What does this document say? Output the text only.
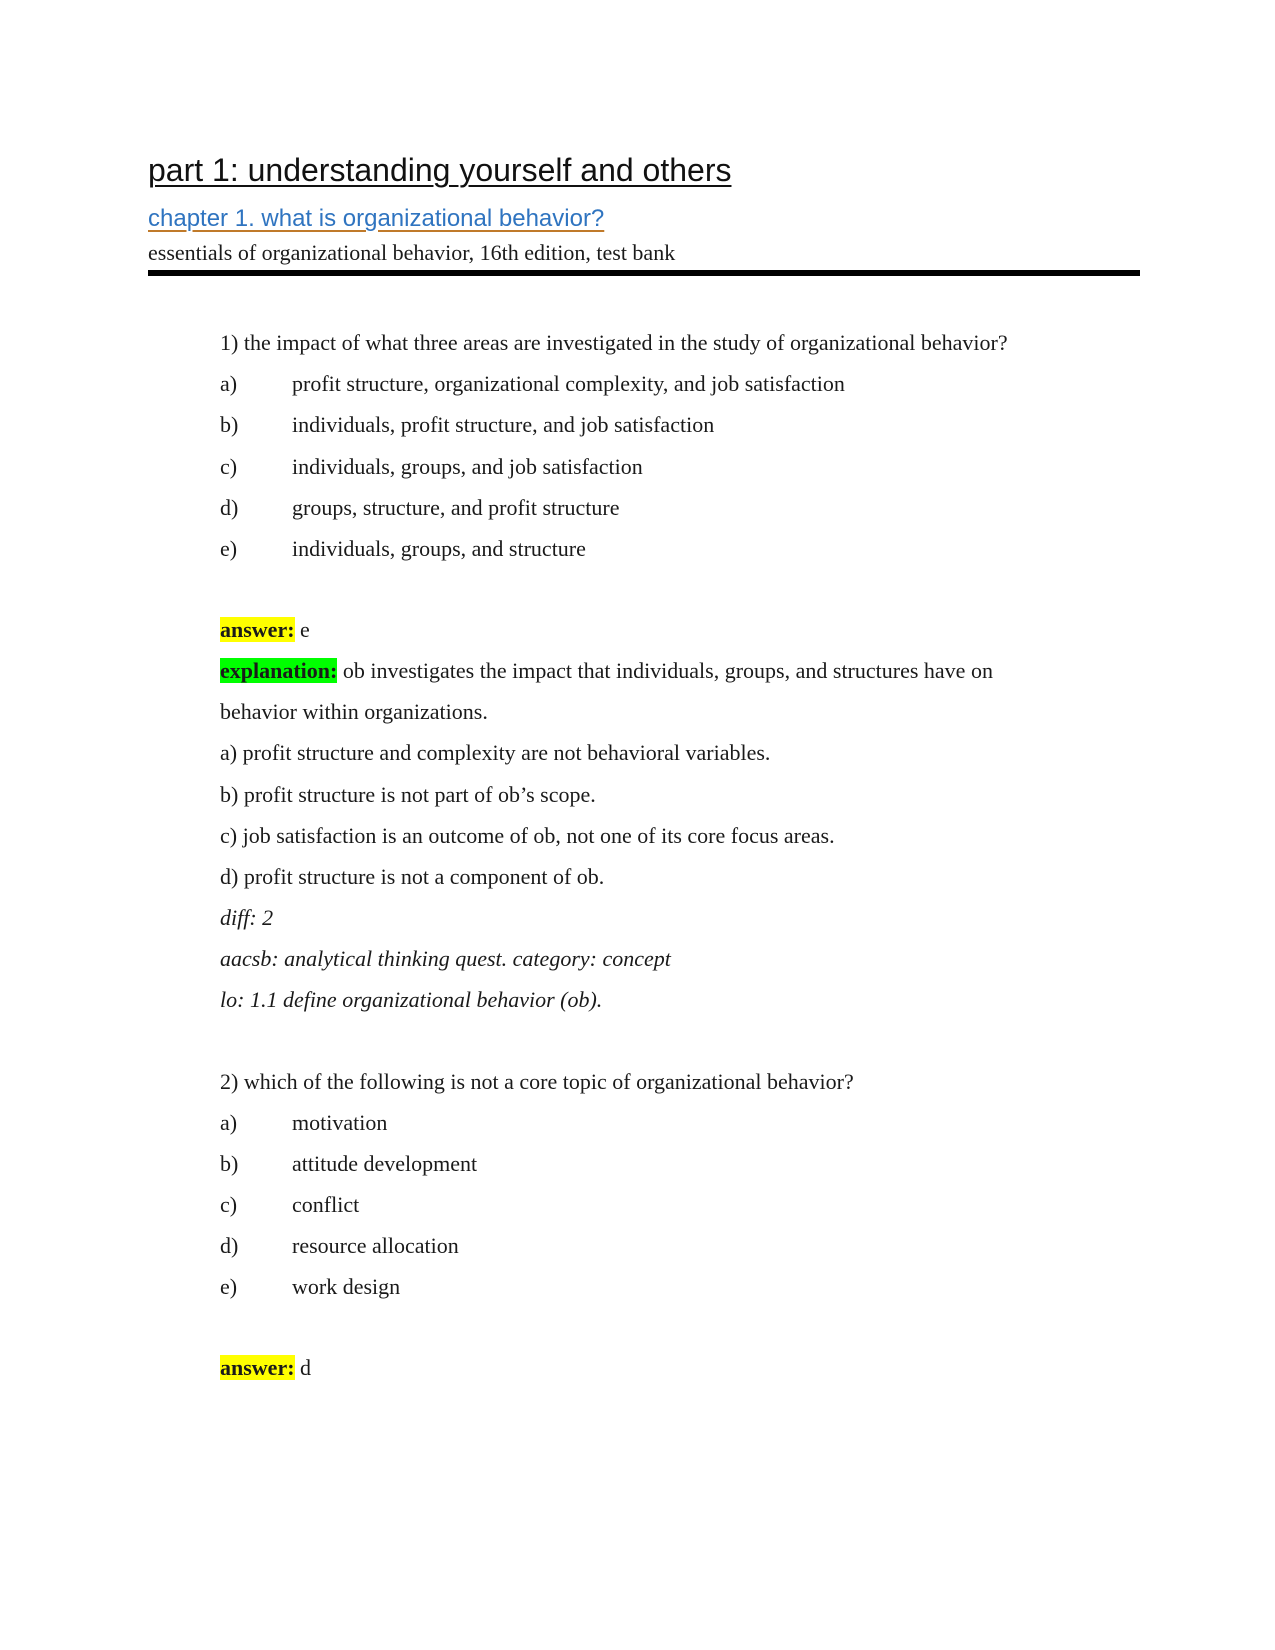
part 1: understanding yourself and others
chapter 1. what is organizational behavior?
essentials of organizational behavior, 16th edition, test bank
1) the impact of what three areas are investigated in the study of organizational behavior?
a) profit structure, organizational complexity, and job satisfaction
b) individuals, profit structure, and job satisfaction
c) individuals, groups, and job satisfaction
d) groups, structure, and profit structure
e) individuals, groups, and structure
answer: e
explanation: ob investigates the impact that individuals, groups, and structures have on
behavior within organizations.
a) profit structure and complexity are not behavioral variables.
b) profit structure is not part of ob’s scope.
c) job satisfaction is an outcome of ob, not one of its core focus areas.
d) profit structure is not a component of ob.
diff: 2
aacsb: analytical thinking quest. category: concept
lo: 1.1 define organizational behavior (ob).
2) which of the following is not a core topic of organizational behavior?
a) motivation
b) attitude development
c) conflict
d) resource allocation
e) work design
answer: d
